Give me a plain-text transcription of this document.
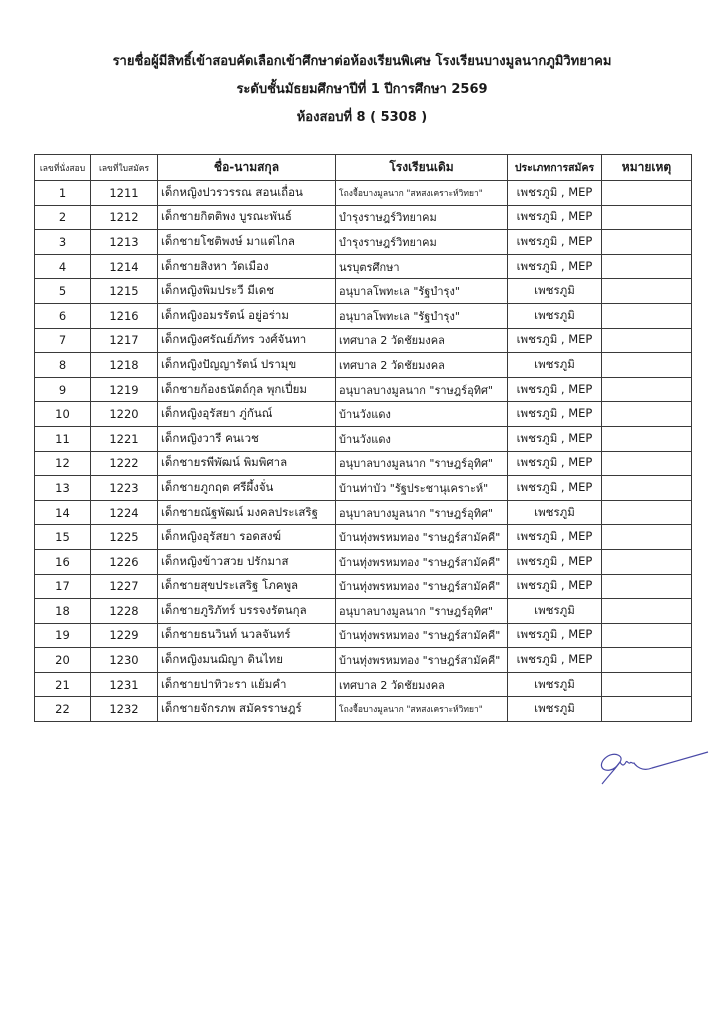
รายชื่อผู้มีสิทธิ์เข้าสอบคัดเลือกเข้าศึกษาต่อห้องเรียนพิเศษ โรงเรียนบางมูลนากภูมิวิทยาคม
ระดับชั้นมัธยมศึกษาปีที่ 1 ปีการศึกษา 2569
ห้องสอบที่ 8 ( 5308 )
เลขที่นั่งสอบ	เลขที่ใบสมัคร	ชื่อ-นามสกุล	โรงเรียนเดิม	ประเภทการสมัคร	หมายเหตุ
1	1211	เด็กหญิงปวรวรรณ สอนเถื่อน	โถงจื้อบางมูลนาก "สหสงเคราะห์วิทยา"	เพชรภูมิ , MEP	
2	1212	เด็กชายกิตติพง บูรณะพันธ์	บำรุงราษฎร์วิทยาคม	เพชรภูมิ , MEP	
3	1213	เด็กชายโชติพงษ์ มาแต่ไกล	บำรุงราษฎร์วิทยาคม	เพชรภูมิ , MEP	
4	1214	เด็กชายสิงหา วัดเมือง	นรบุตรศึกษา	เพชรภูมิ , MEP	
5	1215	เด็กหญิงพิมประวี มีเดช	อนุบาลโพทะเล "รัฐบำรุง"	เพชรภูมิ	
6	1216	เด็กหญิงอมรรัตน์ อยู่อร่าม	อนุบาลโพทะเล "รัฐบำรุง"	เพชรภูมิ	
7	1217	เด็กหญิงศรัณย์ภัทร วงศ์จันทา	เทศบาล 2 วัดชัยมงคล	เพชรภูมิ , MEP	
8	1218	เด็กหญิงปัญญารัตน์ ปรามุข	เทศบาล 2 วัดชัยมงคล	เพชรภูมิ	
9	1219	เด็กชายก้องธนัตถ์กุล พุกเปี่ยม	อนุบาลบางมูลนาก "ราษฎร์อุทิศ"	เพชรภูมิ , MEP	
10	1220	เด็กหญิงอุรัสยา ภู่กันณ์	บ้านวังแดง	เพชรภูมิ , MEP	
11	1221	เด็กหญิงวารี คนเวช	บ้านวังแดง	เพชรภูมิ , MEP	
12	1222	เด็กชายรพีพัฒน์ พิมพิศาล	อนุบาลบางมูลนาก "ราษฎร์อุทิศ"	เพชรภูมิ , MEP	
13	1223	เด็กชายภูกฤต ศรีผึ้งจั่น	บ้านท่าบัว "รัฐประชานุเคราะห์"	เพชรภูมิ , MEP	
14	1224	เด็กชายณัฐพัฒน์ มงคลประเสริฐ	อนุบาลบางมูลนาก "ราษฎร์อุทิศ"	เพชรภูมิ	
15	1225	เด็กหญิงอุรัสยา รอดสงฆ์	บ้านทุ่งพรหมทอง "ราษฎร์สามัคคี"	เพชรภูมิ , MEP	
16	1226	เด็กหญิงข้าวสวย ปรักมาส	บ้านทุ่งพรหมทอง "ราษฎร์สามัคคี"	เพชรภูมิ , MEP	
17	1227	เด็กชายสุขประเสริฐ โภคพูล	บ้านทุ่งพรหมทอง "ราษฎร์สามัคคี"	เพชรภูมิ , MEP	
18	1228	เด็กชายภูริภัทร์ บรรจงรัตนกุล	อนุบาลบางมูลนาก "ราษฎร์อุทิศ"	เพชรภูมิ	
19	1229	เด็กชายธนวินท์ นวลจันทร์	บ้านทุ่งพรหมทอง "ราษฎร์สามัคคี"	เพชรภูมิ , MEP	
20	1230	เด็กหญิงมนฌิญา ดินไทย	บ้านทุ่งพรหมทอง "ราษฎร์สามัคคี"	เพชรภูมิ , MEP	
21	1231	เด็กชายปาทิวะรา แย้มคำ	เทศบาล 2 วัดชัยมงคล	เพชรภูมิ	
22	1232	เด็กชายจักรภพ สมัครราษฎร์	โถงจื้อบางมูลนาก "สหสงเคราะห์วิทยา"	เพชรภูมิ	
